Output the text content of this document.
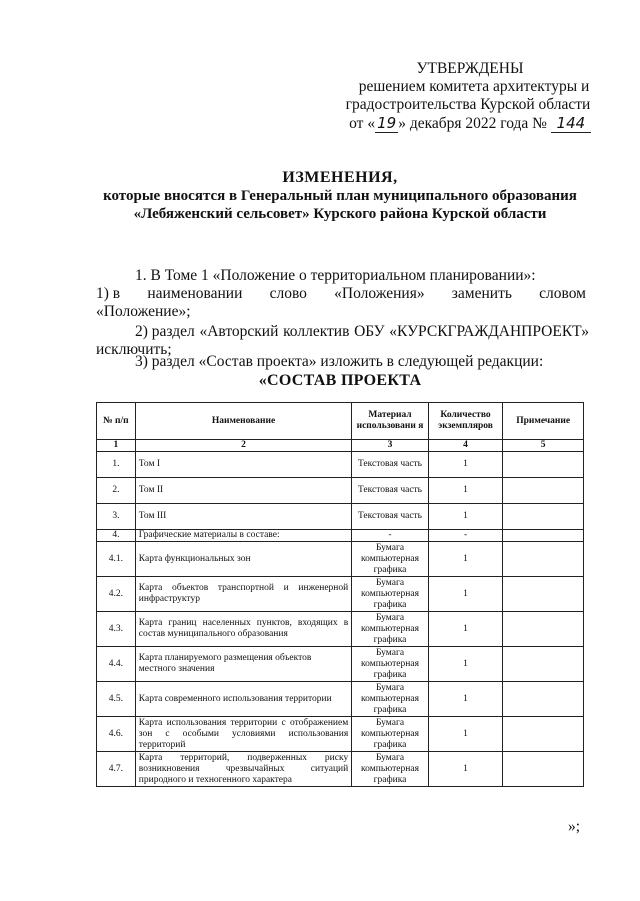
УТВЕРЖДЕНЫ
решением комитета архитектуры и
градостроительства Курской области
от « 19 » декабря 2022 года № 144
ИЗМЕНЕНИЯ,
которые вносятся в Генеральный план муниципального образования
«Лебяженский сельсовет» Курского района Курской области
1. В Томе 1 «Положение о территориальном планировании»:
1) в наименовании слово «Положения» заменить словом
«Положение»;
2) раздел «Авторский коллектив ОБУ «КУРСКГРАЖДАНПРОЕКТ»
исключить;
3) раздел «Состав проекта» изложить в следующей редакции:
«СОСТАВ ПРОЕКТА
№ п/п	Наименование	Материал использовани я	Количество экземпляров	Примечание
1	2	3	4	5
1.	Том I	Текстовая часть	1	
2.	Том II	Текстовая часть	1	
3.	Том III	Текстовая часть	1	
4.	Графические материалы в составе:	-	-	
4.1.	Карта функциональных зон	Бумага компьютерная графика	1	
4.2.	Карта объектов транспортной и инженерной инфраструктур	Бумага компьютерная графика	1	
4.3.	Карта границ населенных пунктов, входящих в состав муниципального образования	Бумага компьютерная графика	1	
4.4.	Карта планируемого размещения объектов местного значения	Бумага компьютерная графика	1	
4.5.	Карта современного использования территории	Бумага компьютерная графика	1	
4.6.	Карта использования территории с отображением зон с особыми условиями использования территорий	Бумага компьютерная графика	1	
4.7.	Карта территорий, подверженных риску возникновения чрезвычайных ситуаций природного и техногенного характера	Бумага компьютерная графика	1	
»;
